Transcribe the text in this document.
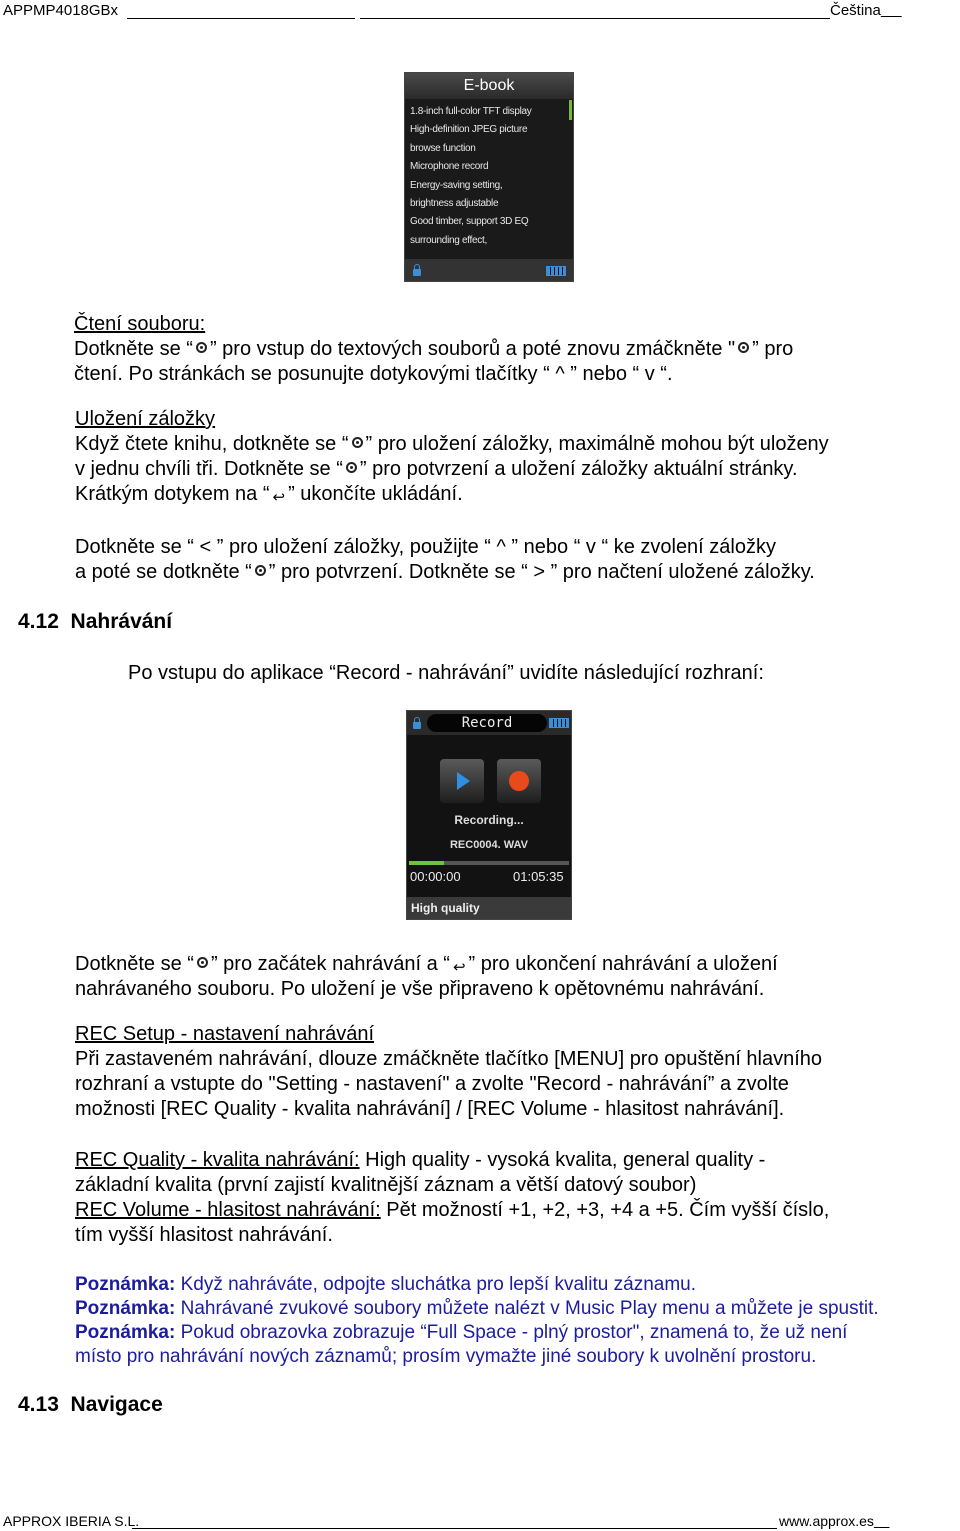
APPMP4018GBx	Čeština
E-book
1.8-inch full-color TFT display
High-definition JPEG picture
browse function
Microphone record
Energy-saving setting,
brightness adjustable
Good timber, support 3D EQ
surrounding effect,
Čtení souboru:
Dotkněte se “ ” pro vstup do textových souborů a poté znovu zmáčkněte " ” pro
čtení. Po stránkách se posunujte dotykovými tlačítky “ ^ ” nebo “ v “.
Uložení záložky
Když čtete knihu, dotkněte se “ ” pro uložení záložky, maximálně mohou být uloženy
v jednu chvíli tři. Dotkněte se “ ” pro potvrzení a uložení záložky aktuální stránky.
Krátkým dotykem na “ ↩ ” ukončíte ukládání.
Dotkněte se “ < ” pro uložení záložky, použijte “ ^ ” nebo “ v “ ke zvolení záložky
a poté se dotkněte “ ” pro potvrzení. Dotkněte se “ > ” pro načtení uložené záložky.
4.12 Nahrávání
Po vstupu do aplikace “Record - nahrávání” uvidíte následující rozhraní:
Record
Recording...
REC0004. WAV
00:00:00	01:05:35
High quality
Dotkněte se “ ” pro začátek nahrávání a “ ↩ ” pro ukončení nahrávání a uložení
nahrávaného souboru. Po uložení je vše připraveno k opětovnému nahrávání.
REC Setup - nastavení nahrávání
Při zastaveném nahrávání, dlouze zmáčkněte tlačítko [MENU] pro opuštění hlavního
rozhraní a vstupte do "Setting - nastavení" a zvolte "Record - nahrávání” a zvolte
možnosti [REC Quality - kvalita nahrávání] / [REC Volume - hlasitost nahrávání].
REC Quality - kvalita nahrávání: High quality - vysoká kvalita, general quality -
základní kvalita (první zajistí kvalitnější záznam a větší datový soubor)
REC Volume - hlasitost nahrávání: Pět možností +1, +2, +3, +4 a +5. Čím vyšší číslo,
tím vyšší hlasitost nahrávání.
Poznámka: Když nahráváte, odpojte sluchátka pro lepší kvalitu záznamu.
Poznámka: Nahrávané zvukové soubory můžete nalézt v Music Play menu a můžete je spustit.
Poznámka: Pokud obrazovka zobrazuje “Full Space - plný prostor", znamená to, že už není
místo pro nahrávání nových záznamů; prosím vymažte jiné soubory k uvolnění prostoru.
4.13 Navigace
APPROX IBERIA S.L.	www.approx.es
